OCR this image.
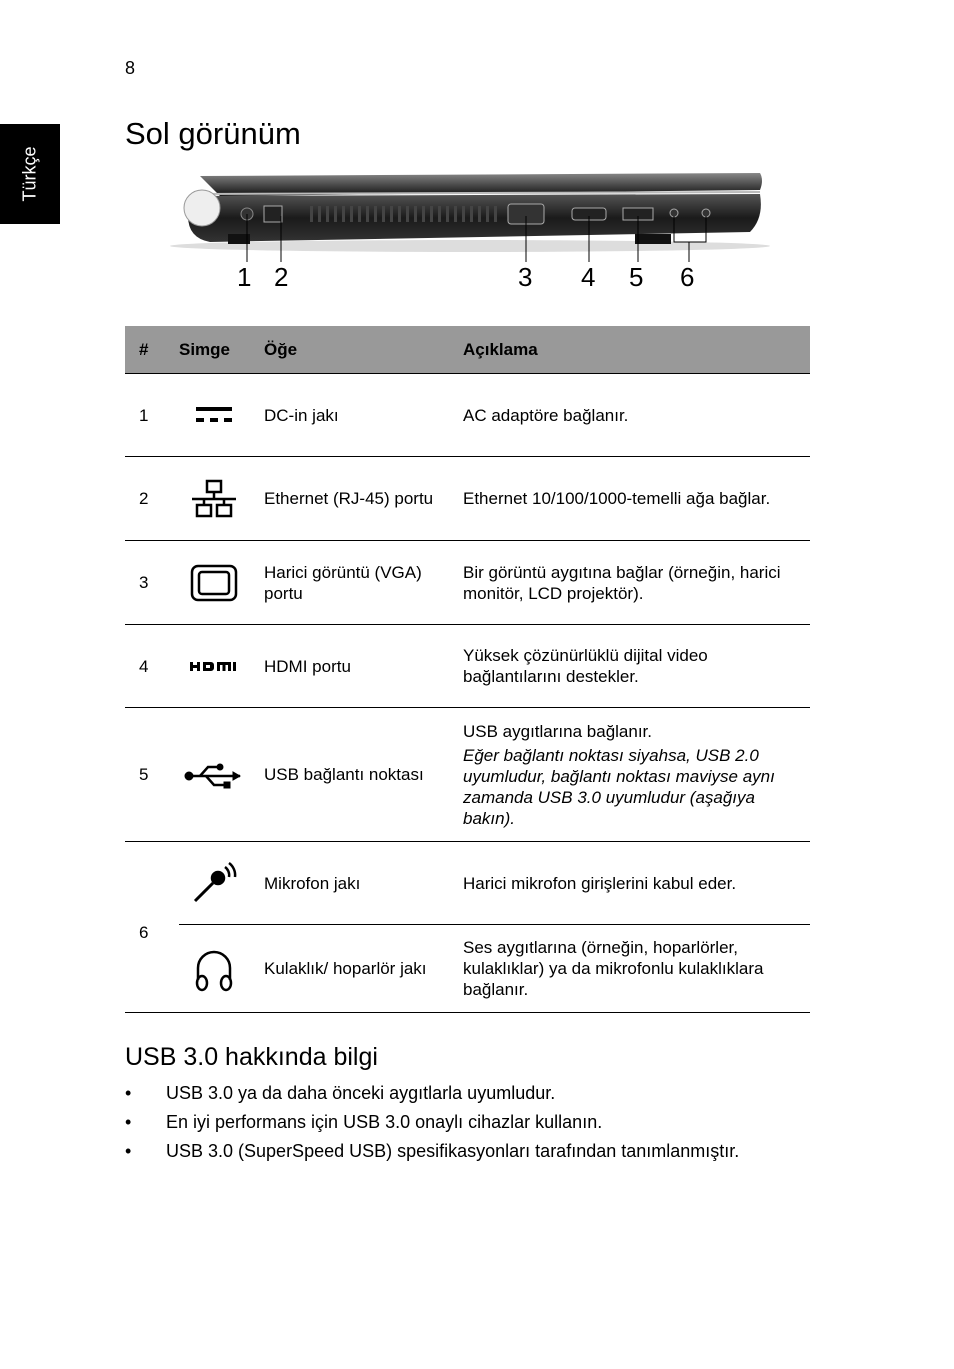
8
Türkçe
Sol görünüm
1 2	3 4 5 6
#	Simge	Öğe	Açıklama
1		DC-in jakı	AC adaptöre bağlanır.
2		Ethernet (RJ-45) portu	Ethernet 10/100/1000-temelli ağa bağlar.
3		Harici görüntü (VGA) portu	Bir görüntü aygıtına bağlar (örneğin, harici monitör, LCD projektör).
4		HDMI portu	Yüksek çözünürlüklü dijital video bağlantılarını destekler.
5		USB bağlantı noktası	USB aygıtlarına bağlanır.
Eğer bağlantı noktası siyahsa, USB 2.0 uyumludur, bağlantı noktası maviyse aynı zamanda USB 3.0 uyumludur (aşağıya bakın).

6		Mikrofon jakı	Harici mikrofon girişlerini kabul eder.

	Kulaklık/ hoparlör jakı	Ses aygıtlarına (örneğin, hoparlörler, kulaklıklar) ya da mikrofonlu kulaklıklara bağlanır.
USB 3.0 hakkında bilgi
• USB 3.0 ya da daha önceki aygıtlarla uyumludur.
• En iyi performans için USB 3.0 onaylı cihazlar kullanın.
• USB 3.0 (SuperSpeed USB) spesifikasyonları tarafından tanımlanmıştır.
